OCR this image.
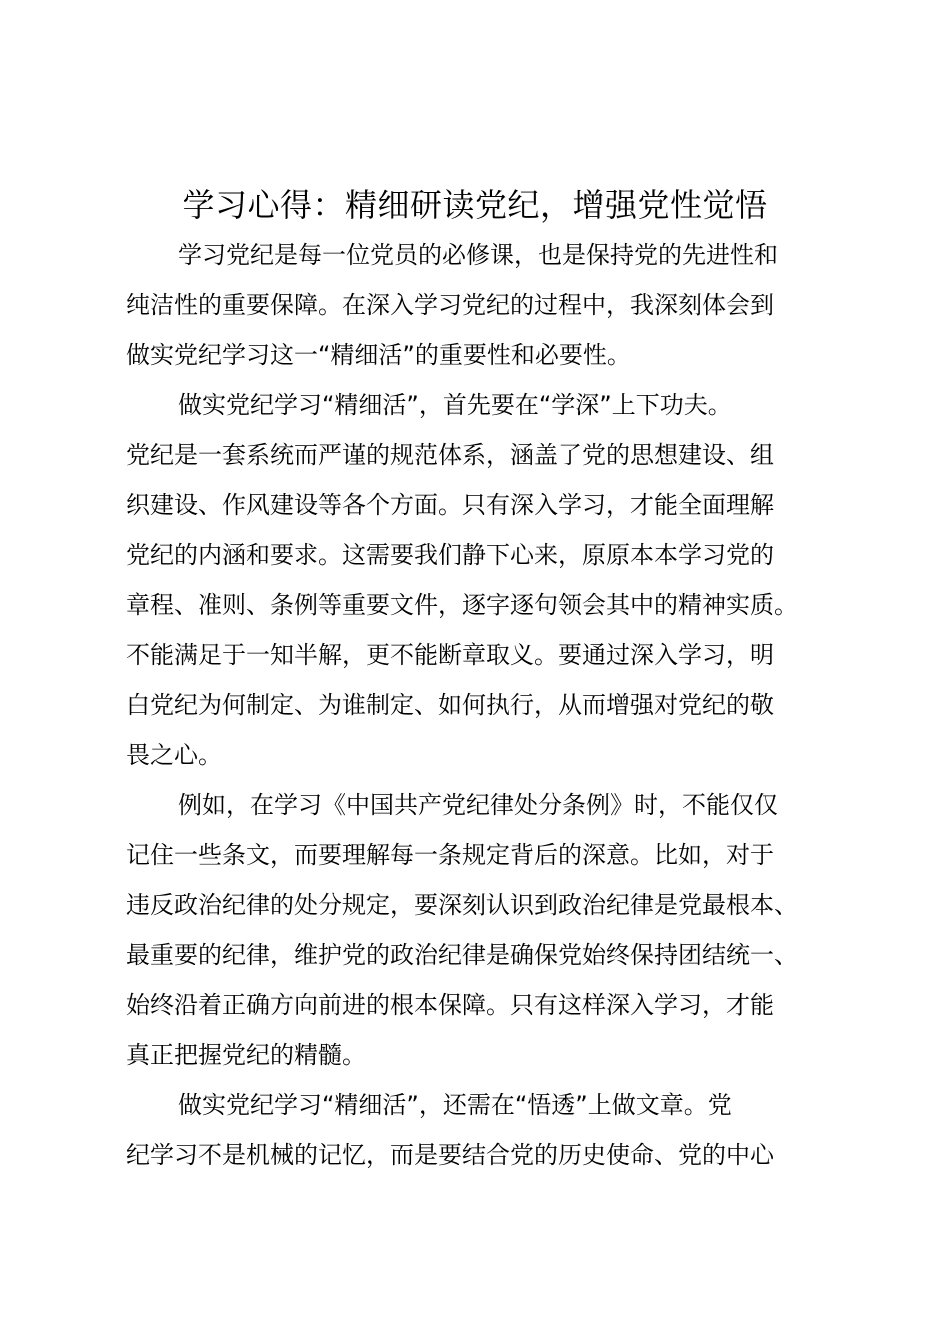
学习心得：精细研读党纪，增强党性觉悟

学习党纪是每一位党员的必修课，也是保持党的先进性和
纯洁性的重要保障。在深入学习党纪的过程中，我深刻体会到
做实党纪学习这一“精细活”的重要性和必要性。

做实党纪学习“精细活”，首先要在“学深”上下功夫。
党纪是一套系统而严谨的规范体系，涵盖了党的思想建设、组
织建设、作风建设等各个方面。只有深入学习，才能全面理解
党纪的内涵和要求。这需要我们静下心来，原原本本学习党的
章程、准则、条例等重要文件，逐字逐句领会其中的精神实质。
不能满足于一知半解，更不能断章取义。要通过深入学习，明
白党纪为何制定、为谁制定、如何执行，从而增强对党纪的敬
畏之心。

例如，在学习《中国共产党纪律处分条例》时，不能仅仅
记住一些条文，而要理解每一条规定背后的深意。比如，对于
违反政治纪律的处分规定，要深刻认识到政治纪律是党最根本、
最重要的纪律，维护党的政治纪律是确保党始终保持团结统一、
始终沿着正确方向前进的根本保障。只有这样深入学习，才能
真正把握党纪的精髓。

做实党纪学习“精细活”，还需在“悟透”上做文章。党
纪学习不是机械的记忆，而是要结合党的历史使命、党的中心
